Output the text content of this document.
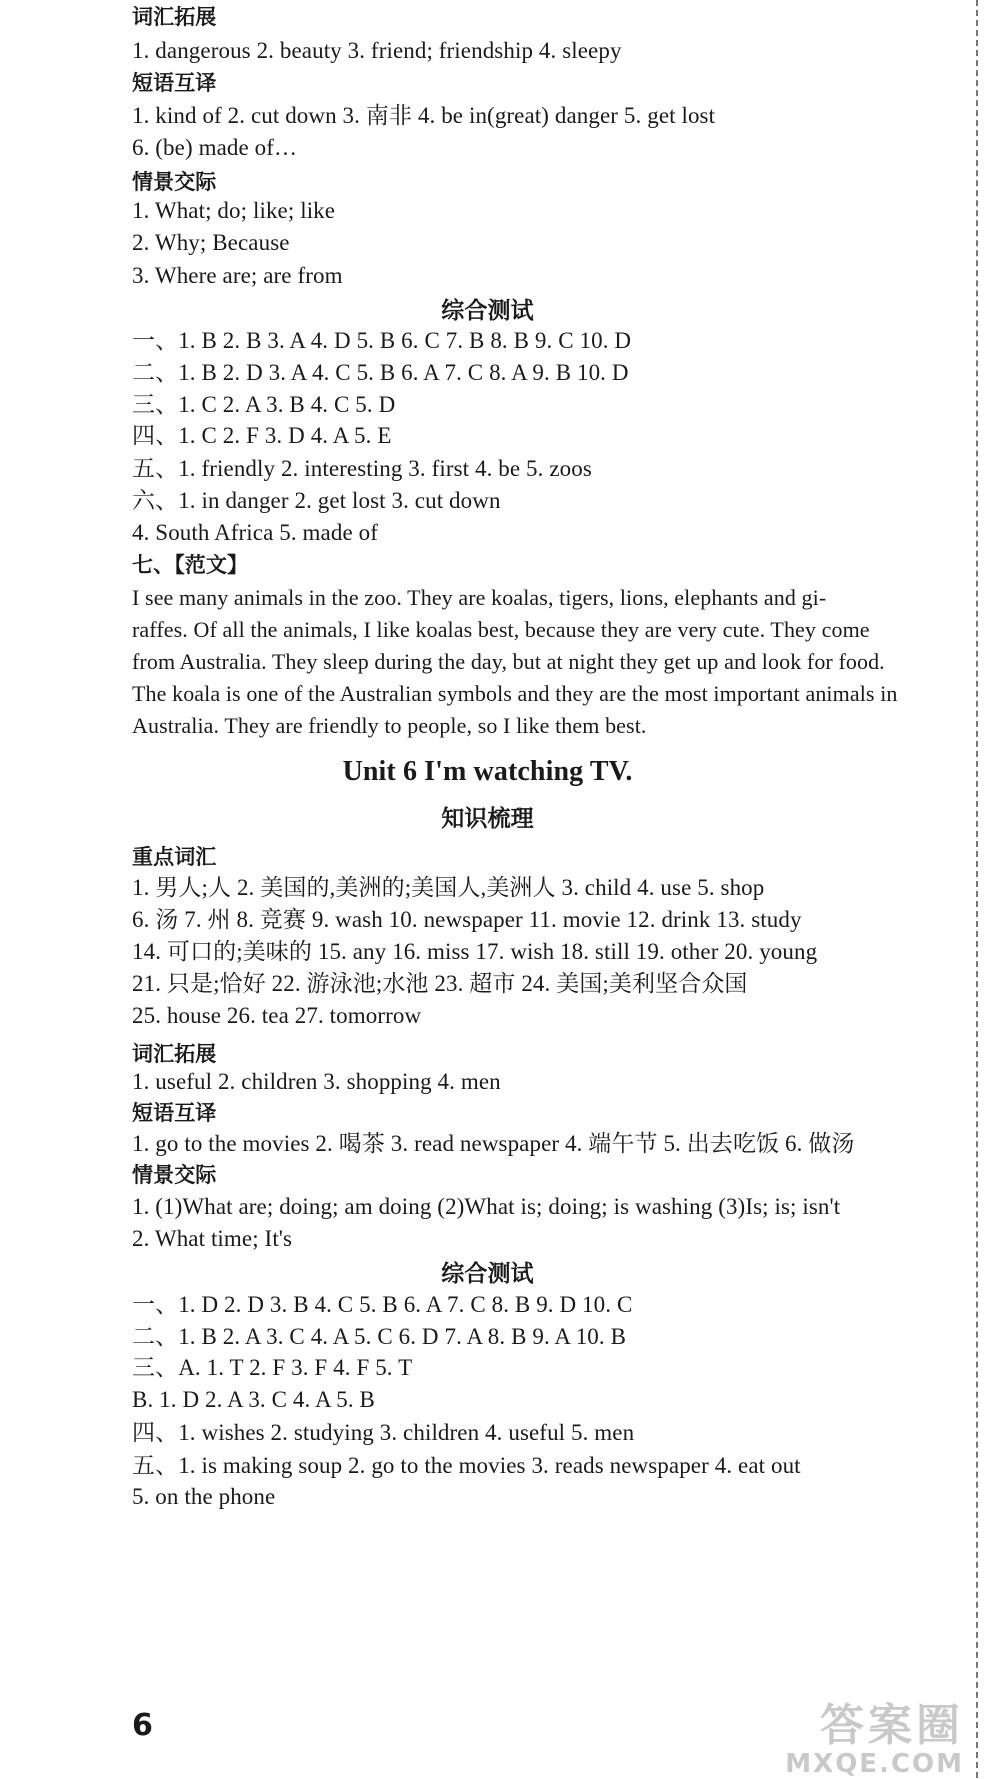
词汇拓展
1. dangerous 2. beauty 3. friend; friendship 4. sleepy
短语互译
1. kind of 2. cut down 3. 南非 4. be in(great) danger 5. get lost
6. (be) made of…
情景交际
1. What; do; like; like
2. Why; Because
3. Where are; are from
综合测试
一、1. B 2. B 3. A 4. D 5. B 6. C 7. B 8. B 9. C 10. D
二、1. B 2. D 3. A 4. C 5. B 6. A 7. C 8. A 9. B 10. D
三、1. C 2. A 3. B 4. C 5. D
四、1. C 2. F 3. D 4. A 5. E
五、1. friendly 2. interesting 3. first 4. be 5. zoos
六、1. in danger 2. get lost 3. cut down
4. South Africa 5. made of
七、【范文】
I see many animals in the zoo. They are koalas, tigers, lions, elephants and gi-
raffes. Of all the animals, I like koalas best, because they are very cute. They come
from Australia. They sleep during the day, but at night they get up and look for food.
The koala is one of the Australian symbols and they are the most important animals in
Australia. They are friendly to people, so I like them best.
Unit 6 I'm watching TV.
知识梳理
重点词汇
1. 男人;人 2. 美国的,美洲的;美国人,美洲人 3. child 4. use 5. shop
6. 汤 7. 州 8. 竞赛 9. wash 10. newspaper 11. movie 12. drink 13. study
14. 可口的;美味的 15. any 16. miss 17. wish 18. still 19. other 20. young
21. 只是;恰好 22. 游泳池;水池 23. 超市 24. 美国;美利坚合众国
25. house 26. tea 27. tomorrow
词汇拓展
1. useful 2. children 3. shopping 4. men
短语互译
1. go to the movies 2. 喝茶 3. read newspaper 4. 端午节 5. 出去吃饭 6. 做汤
情景交际
1. (1)What are; doing; am doing (2)What is; doing; is washing (3)Is; is; isn't
2. What time; It's
综合测试
一、1. D 2. D 3. B 4. C 5. B 6. A 7. C 8. B 9. D 10. C
二、1. B 2. A 3. C 4. A 5. C 6. D 7. A 8. B 9. A 10. B
三、A. 1. T 2. F 3. F 4. F 5. T
B. 1. D 2. A 3. C 4. A 5. B
四、1. wishes 2. studying 3. children 4. useful 5. men
五、1. is making soup 2. go to the movies 3. reads newspaper 4. eat out
5. on the phone
6	答案圈
MXQE.COM
